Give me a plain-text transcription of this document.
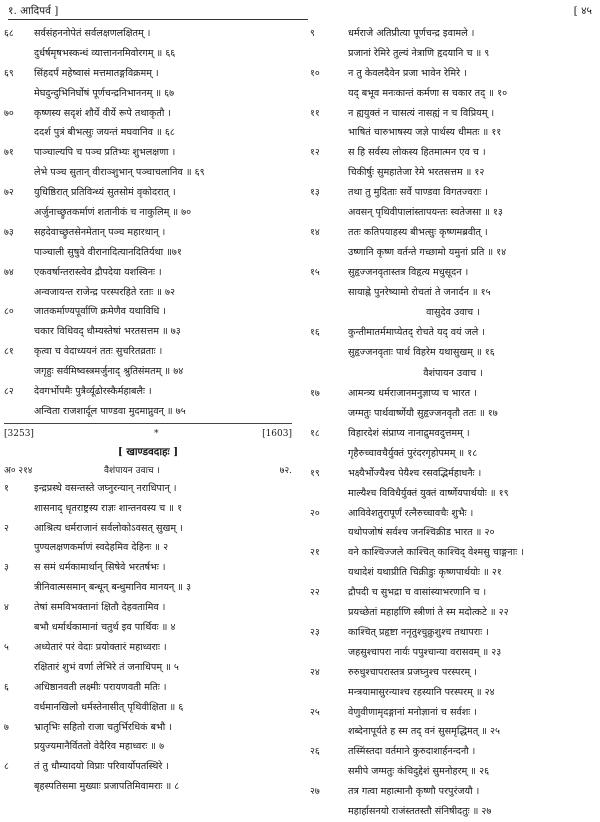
१. आदिपर्व ]	[ ४५
६८	सर्वसंहननोपेतं सर्वलक्षणलक्षितम् ।
दुर्धर्षमृषभस्कन्धं व्यात्ताननमिवोरगम् ॥ ६६
६९	सिंहदर्पं महेष्वासं मत्तमातङ्गविक्रमम् ।
मेघदुन्दुभिनिर्घोषं पूर्णचन्द्रनिभाननम् ॥ ६७
७०	कृष्णस्य सदृशं शौर्ये वीर्ये रूपे तथाकृतौ ।
ददर्श पुत्रं बीभत्सुः जयन्तं मघवानिव ॥ ६८
७१	पाञ्चाल्यपि च पञ्च प्रतिभ्यः शुभलक्षणा ।
लेभे पञ्च सुतान् वीराञ्शुभान् पञ्चाचलानिव ॥ ६९
७२	युधिष्ठिरात् प्रतिविन्ध्यं सुतसोमं वृकोदरात् ।
अर्जुनाच्छ्रुतकर्माणं शतानीकं च नाकुलिम् ॥ ७०
७३	सहदेवाच्छ्रुतसेनमेतान् पञ्च महारथान् ।
पाञ्चाली सुषुवे वीरानादित्यानदितिर्यथा ॥७१
७४	एकवर्षान्तरास्त्वेव द्रौपदेया यशस्विनः ।
अन्वजायन्त राजेन्द्र परस्परहिते रताः ॥ ७२
८०	जातकर्माण्यपूर्वाणि क्रमेणैव यथाविधि ।
चकार विधिवद् धौम्यस्तेषां भरतसत्तम ॥ ७३
८१	कृत्वा च वेदाध्ययनं ततः सुचरितव्रताः ।
जगृहुः सर्वमिष्वस्त्रमर्जुनाद् श्रुतिसंमतम् ॥ ७४
८२	देवगर्भोपमैः पुत्रैर्व्यूढोरस्कैर्महाबलैः ।
अन्विता राजशार्दूल पाण्डवा मुदमाप्नुवन् ॥ ७५
[3253]	*	[1603]
[ खाण्डवदाहः ]
अ० २१४	वैशंपायन उवाच ।	७२.
१	इन्द्रप्रस्थे वसन्तस्ते जघ्नुरन्यान् नराधिपान् ।
शासनाद् धृतराष्ट्रस्य राज्ञः शान्तनवस्य च ॥ १
२	आश्रित्य धर्मराजानं सर्वलोकोऽवसत् सुखम् ।
पुण्यलक्षणकर्माणं स्वदेहमिव देहिनः ॥ २
३	स समं धर्मकामार्थान् सिषेवे भरतर्षभः ।
त्रीनिवात्मसमान् बन्धून् बन्धुमानिव मानयन् ॥ ३
४	तेषां समविभक्तानां क्षितौ देहवतामिव ।
बभौ धर्मार्थकामानां चतुर्थ इव पार्थिवः ॥ ४
५	अध्येतारं परं वेदाः प्रयोक्तारं महाध्वराः ।
रक्षितारं शुभं वर्णा लेभिरे तं जनाधिपम् ॥ ५
६	अधिष्ठानवती लक्ष्मीः परायणवती मतिः ।
वर्धमानखिलो धर्मस्तेनासीत् पृथिवीक्षिता ॥ ६
७	भ्रातृभिः सहितो राजा चतुर्भिरधिकं बभौ ।
प्रयुज्यमानैर्विततो वेदैरिव महाध्वरः ॥ ७
८	तं तु धौम्यादयो विप्राः परिवार्योपतस्थिरे ।
बृहस्पतिसमा मुख्याः प्रजापतिमिवामराः ॥ ८
९	धर्मराजे अतिप्रीत्या पूर्णचन्द्र इवामले ।
प्रजानां रेमिरे तुल्यं नेत्राणि हृदयानि च ॥ ९
१०	न तु केवलदैवेन प्रजा भावेन रेमिरे ।
यद् बभूव मनःकान्तं कर्मणा स चकार तद् ॥ १०
११	न ह्ययुक्तं न चासत्यं नासह्यं न च विप्रियम् ।
भाषितं चारुभाषस्य जज्ञे पार्थस्य धीमतः ॥ ११
१२	स हि सर्वस्य लोकस्य हितमात्मन एव च ।
चिकीर्षुः सुमहातेजा रेमे भरतसत्तम ॥ १२
१३	तथा तु मुदिताः सर्वे पाण्डवा विगतज्वराः ।
अवसन् पृथिवीपालांस्तापयन्तः स्वतेजसा ॥ १३
१४	ततः कतिपयाहस्य बीभत्सुः कृष्णमब्रवीत् ।
उष्णानि कृष्ण वर्तन्ते गच्छामो यमुनां प्रति ॥ १४
१५	सुहृज्जनवृतास्तत्र विहृत्य मधुसूदन ।
सायाह्ने पुनरेष्यामो रोचतां ते जनार्दन ॥ १५
वासुदेव उवाच ।
१६	कुन्तीमातर्ममाप्येतद् रोचते यद् वयं जले ।
सुहृज्जनवृताः पार्थ विहरेम यथासुखम् ॥ १६
वैशंपायन उवाच ।
१७	आमन्त्र्य धर्मराजानमनुज्ञाप्य च भारत ।
जग्मतुः पार्थवार्ष्णेयौ सुहृज्जनवृतौ ततः ॥ १७
१८	विहारदेशं संप्राप्य नानाद्रुमवदुत्तमम् ।
गृहैरुच्चावचैर्युक्तं पुरंदरगृहोपमम् ॥ १८
१९	भक्ष्यैर्भोज्यैश्च पेयैश्च रसवद्भिर्महाधनैः ।
माल्यैश्च विविधैर्युक्तं युक्तं वार्ष्णेयपार्थयोः ॥ १९
२०	आविवेशतुरापूर्णं रत्नैरुच्चावचैः शुभैः ।
यथोपजोषं सर्वश्च जनश्चिक्रीड भारत ॥ २०
२१	वने काश्चिज्जले काश्चित् काश्चिद् वेश्मसु चाङ्गनाः ।
यथादेशं यथाप्रीति चिक्रीडुः कृष्णपार्थयोः ॥ २१
२२	द्रौपदी च सुभद्रा च वासांस्याभरणानि च ।
प्रयच्छेतां महार्हाणि स्त्रीणां ते स्म मदोत्कटे ॥ २२
२३	काश्चित् प्रहृष्टा ननृतुश्चुक्रुशुश्च तथापराः ।
जहसुश्चापरा नार्यः पपुश्चान्या वरासवम् ॥ २३
२४	रुरुधुश्चापरास्तत्र प्रजघ्नुश्च परस्परम् ।
मन्त्रयामासुरन्याश्च रहस्यानि परस्परम् ॥ २४
२५	वेणुवीणामृदङ्गानां मनोज्ञानां च सर्वशः ।
शब्देनापूर्यते ह स्म तद् वनं सुसमृद्धिमत् ॥ २५
२६	तस्मिंस्तदा वर्तमाने कुरुदाशार्हनन्दनौ ।
समीपे जग्मतुः कंचिदुद्देशं सुमनोहरम् ॥ २६
२७	तत्र गत्वा महात्मानौ कृष्णौ परपुरंजयौ ।
महार्हासनयो राजंस्ततस्तौ संनिषीदतुः ॥ २७
